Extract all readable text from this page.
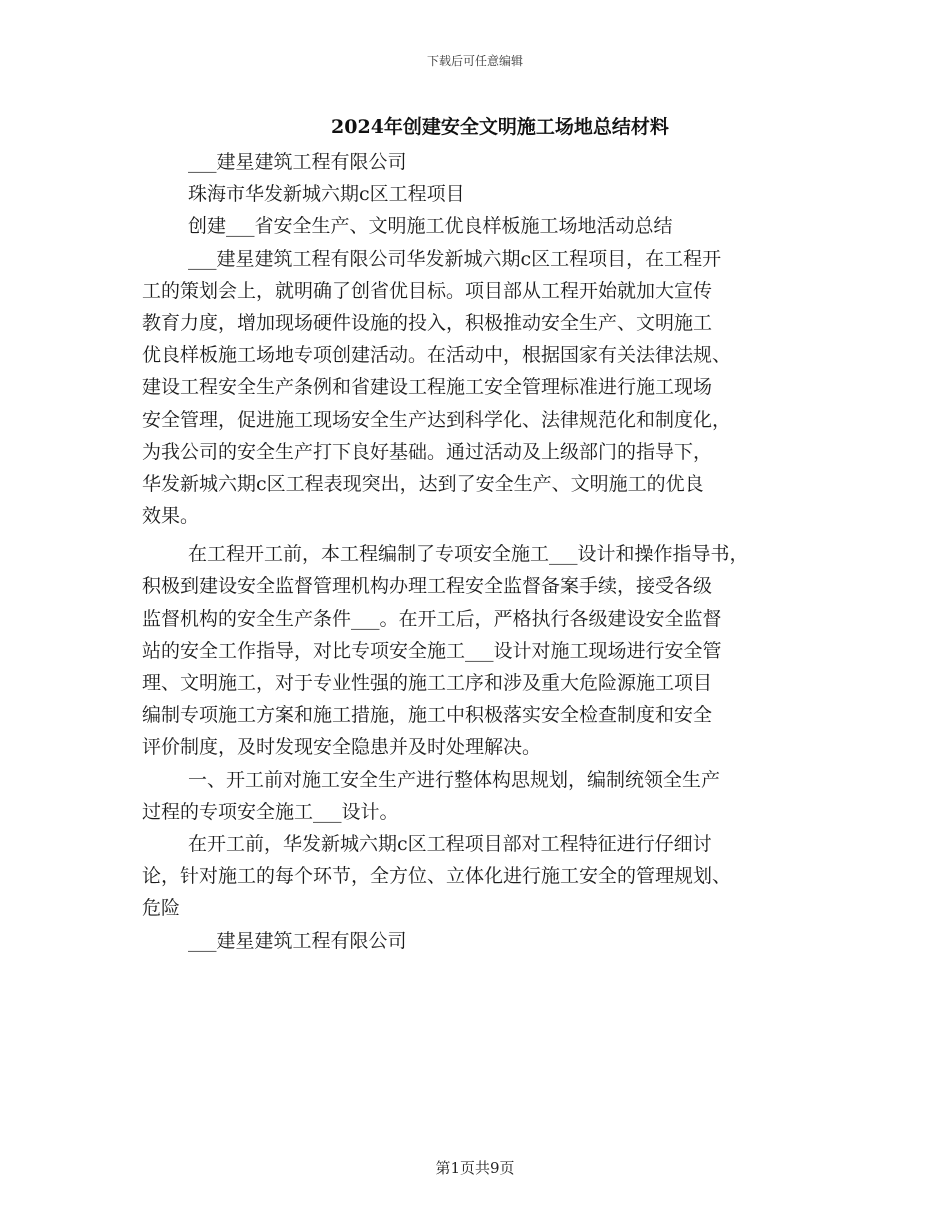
下载后可任意编辑
2024年创建安全文明施工场地总结材料
___建星建筑工程有限公司
珠海市华发新城六期c区工程项目
创建___省安全生产、文明施工优良样板施工场地活动总结
___建星建筑工程有限公司华发新城六期c区工程项目，在工程开
工的策划会上，就明确了创省优目标。项目部从工程开始就加大宣传
教育力度，增加现场硬件设施的投入，积极推动安全生产、文明施工
优良样板施工场地专项创建活动。在活动中，根据国家有关法律法规、
建设工程安全生产条例和省建设工程施工安全管理标准进行施工现场
安全管理，促进施工现场安全生产达到科学化、法律规范化和制度化，
为我公司的安全生产打下良好基础。通过活动及上级部门的指导下，
华发新城六期c区工程表现突出，达到了安全生产、文明施工的优良
效果。
在工程开工前，本工程编制了专项安全施工___设计和操作指导书，
积极到建设安全监督管理机构办理工程安全监督备案手续，接受各级
监督机构的安全生产条件___。在开工后，严格执行各级建设安全监督
站的安全工作指导，对比专项安全施工___设计对施工现场进行安全管
理、文明施工，对于专业性强的施工工序和涉及重大危险源施工项目
编制专项施工方案和施工措施，施工中积极落实安全检查制度和安全
评价制度，及时发现安全隐患并及时处理解决。
一、开工前对施工安全生产进行整体构思规划，编制统领全生产
过程的专项安全施工___设计。
在开工前，华发新城六期c区工程项目部对工程特征进行仔细讨
论，针对施工的每个环节，全方位、立体化进行施工安全的管理规划、
危险
___建星建筑工程有限公司
第1页共9页
